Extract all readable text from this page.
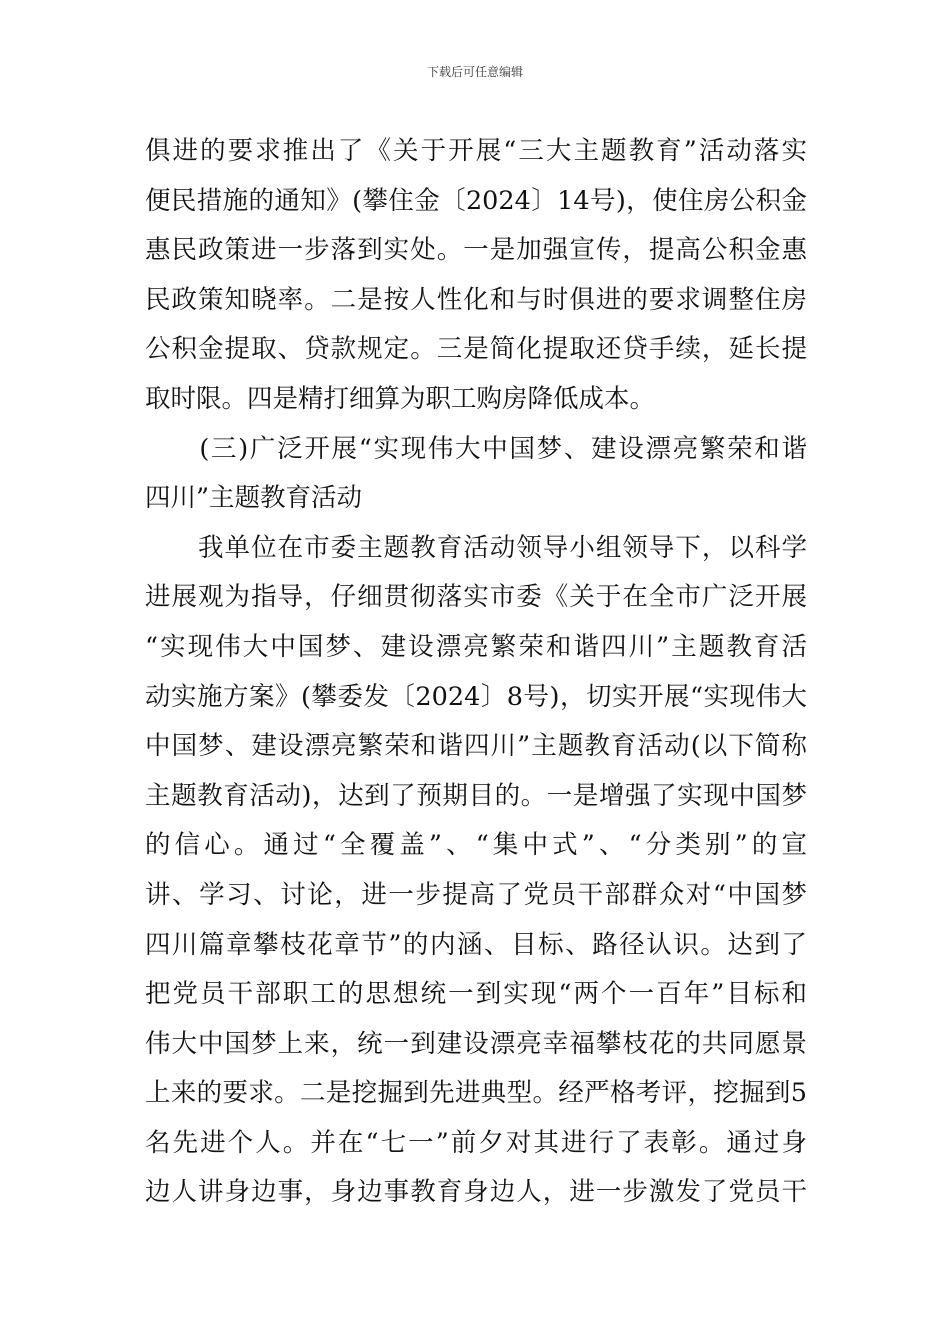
下载后可任意编辑
俱进的要求推出了《关于开展“三大主题教育”活动落实
便民措施的通知》(攀住金〔2024〕14号)，使住房公积金
惠民政策进一步落到实处。一是加强宣传，提高公积金惠
民政策知晓率。二是按人性化和与时俱进的要求调整住房
公积金提取、贷款规定。三是简化提取还贷手续，延长提
取时限。四是精打细算为职工购房降低成本。
　　(三)广泛开展“实现伟大中国梦、建设漂亮繁荣和谐
四川”主题教育活动
　　我单位在市委主题教育活动领导小组领导下，以科学
进展观为指导，仔细贯彻落实市委《关于在全市广泛开展
“实现伟大中国梦、建设漂亮繁荣和谐四川”主题教育活
动实施方案》(攀委发〔2024〕8号)，切实开展“实现伟大
中国梦、建设漂亮繁荣和谐四川”主题教育活动(以下简称
主题教育活动)，达到了预期目的。一是增强了实现中国梦
的信心。通过“全覆盖”、“集中式”、“分类别”的宣
讲、学习、讨论，进一步提高了党员干部群众对“中国梦
四川篇章攀枝花章节”的内涵、目标、路径认识。达到了
把党员干部职工的思想统一到实现“两个一百年”目标和
伟大中国梦上来，统一到建设漂亮幸福攀枝花的共同愿景
上来的要求。二是挖掘到先进典型。经严格考评，挖掘到5
名先进个人。并在“七一”前夕对其进行了表彰。通过身
边人讲身边事，身边事教育身边人，进一步激发了党员干
